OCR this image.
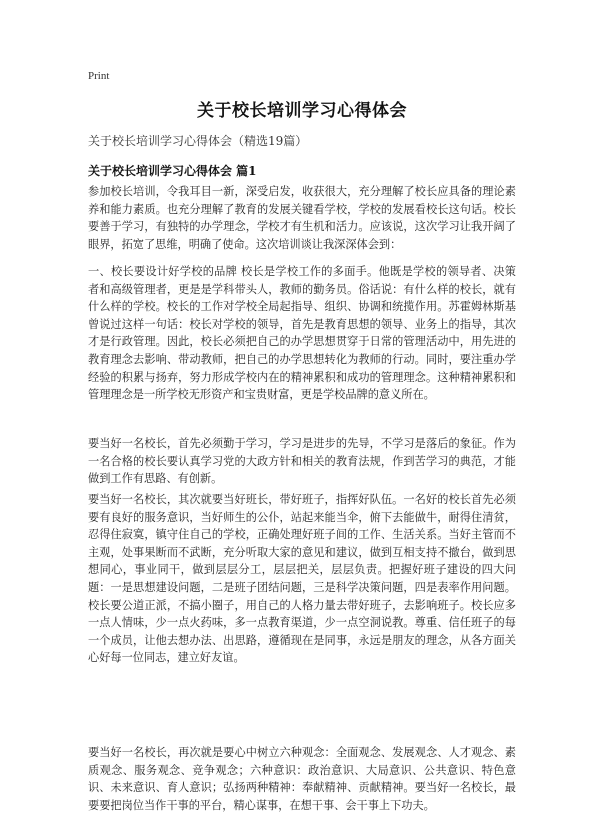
Print
关于校长培训学习心得体会
关于校长培训学习心得体会（精选19篇）
关于校长培训学习心得体会 篇1
参加校长培训，令我耳目一新，深受启发，收获很大，充分理解了校长应具备的理论素养和能力素质。也充分理解了教育的发展关键看学校，学校的发展看校长这句话。校长要善于学习，有独特的办学理念，学校才有生机和活力。应该说，这次学习让我开阔了眼界，拓宽了思维，明确了使命。这次培训谈让我深深体会到：
一、校长要设计好学校的品牌 校长是学校工作的多面手。他既是学校的领导者、决策者和高级管理者，更是是学科带头人，教师的勤务员。俗话说：有什么样的校长，就有什么样的学校。校长的工作对学校全局起指导、组织、协调和统揽作用。苏霍姆林斯基曾说过这样一句话：校长对学校的领导，首先是教育思想的领导、业务上的指导，其次才是行政管理。因此，校长必须把自己的办学思想贯穿于日常的管理活动中，用先进的教育理念去影响、带动教师，把自己的办学思想转化为教师的行动。同时，要注重办学经验的积累与扬弃，努力形成学校内在的精神累积和成功的管理理念。这种精神累积和管理理念是一所学校无形资产和宝贵财富，更是学校品牌的意义所在。
要当好一名校长，首先必须勤于学习，学习是进步的先导，不学习是落后的象征。作为一名合格的校长要认真学习党的大政方针和相关的教育法规，作到苦学习的典范，才能做到工作有思路、有创新。
要当好一名校长，其次就要当好班长，带好班子，指挥好队伍。一名好的校长首先必须要有良好的服务意识，当好师生的公仆，站起来能当伞，俯下去能做牛，耐得住清贫，忍得住寂寞，镇守住自己的学校，正确处理好班子间的工作、生活关系。当好主管而不主观，处事果断而不武断，充分听取大家的意见和建议，做到互相支持不撤台，做到思想同心，事业同干，做到层层分工，层层把关，层层负责。把握好班子建设的四大问题：一是思想建设问题，二是班子团结问题，三是科学决策问题，四是表率作用问题。校长要公道正派，不搞小圈子，用自己的人格力量去带好班子，去影响班子。校长应多一点人情味，少一点火药味，多一点教育渠道，少一点空洞说教。尊重、信任班子的每一个成员，让他去想办法、出思路，遵循现在是同事，永远是朋友的理念，从各方面关心好每一位同志，建立好友谊。
要当好一名校长，再次就是要心中树立六种观念：全面观念、发展观念、人才观念、素质观念、服务观念、竞争观念；六种意识：政治意识、大局意识、公共意识、特色意识、未来意识、育人意识；弘扬两种精神：奉献精神、贡献精神。要当好一名校长，最要要把岗位当作干事的平台，精心谋事，在想干事、会干事上下功夫。
